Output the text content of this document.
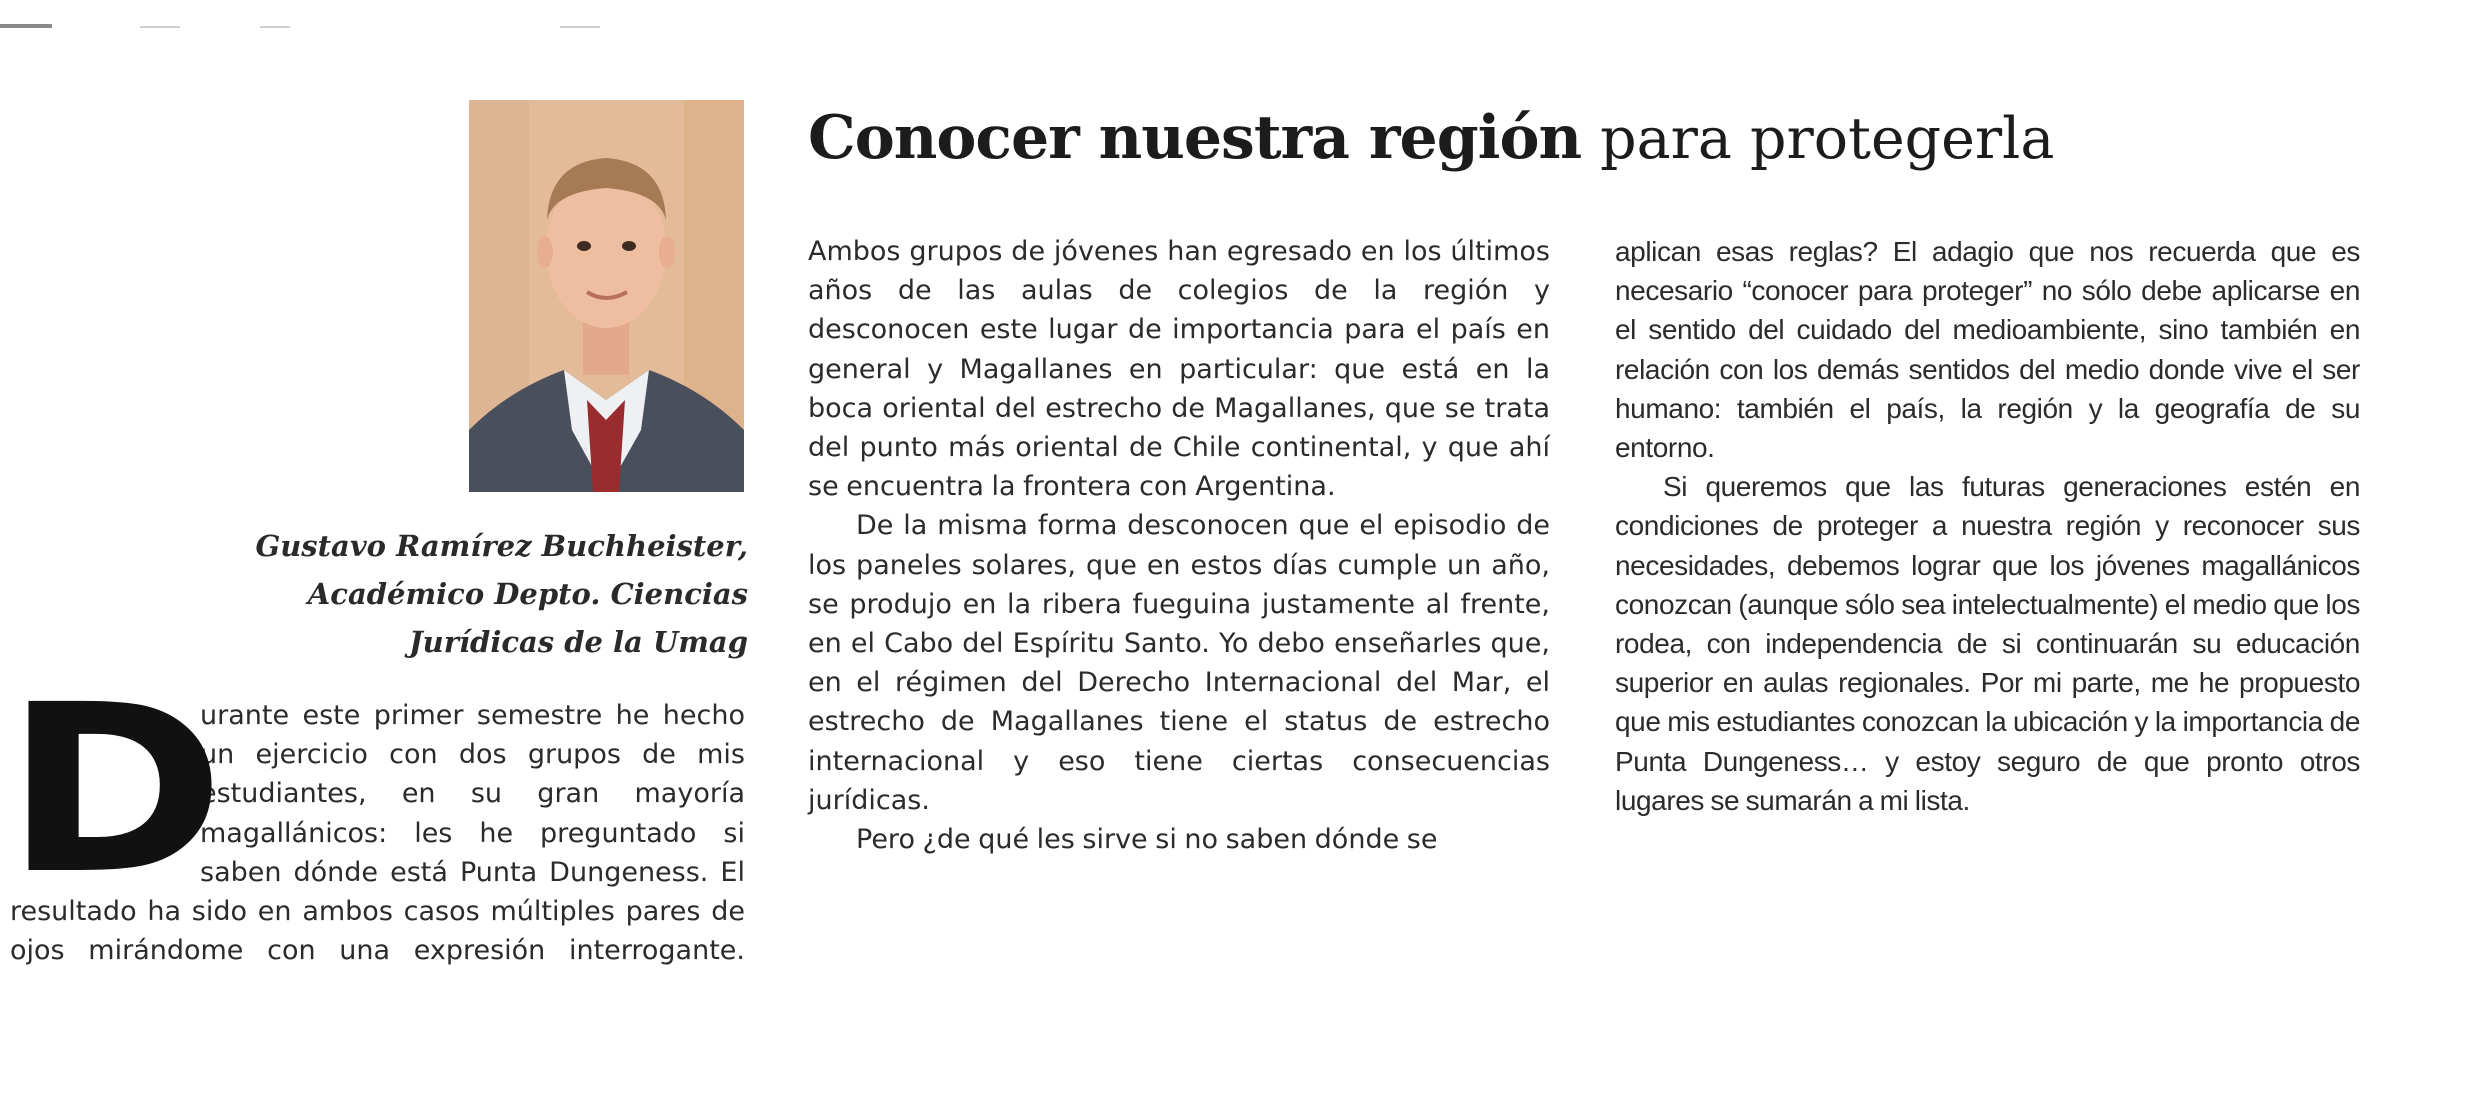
Gustavo Ramírez Buchheister,
Académico Depto. Ciencias
Jurídicas de la Umag
Conocer nuestra región para protegerla

D
urante este primer semestre he hecho un ejercicio con dos grupos de mis estudiantes, en su gran mayoría magallánicos: les he preguntado si saben dónde está Punta Dungeness. El resultado ha sido en ambos casos múltiples pares de ojos mirándome con una expresión interrogante.

Ambos grupos de jóvenes han egresado en los últimos años de las aulas de colegios de la región y desconocen este lugar de importancia para el país en general y Magallanes en particular: que está en la boca oriental del estrecho de Magallanes, que se trata del punto más oriental de Chile continental, y que ahí se encuentra la frontera con Argentina.

De la misma forma desconocen que el episodio de los paneles solares, que en estos días cumple un año, se produjo en la ribera fueguina justamente al frente, en el Cabo del Espíritu Santo. Yo debo enseñarles que, en el régimen del Derecho Internacional del Mar, el estrecho de Magallanes tiene el status de estrecho internacional y eso tiene ciertas consecuencias jurídicas.

Pero ¿de qué les sirve si no saben dónde se

aplican esas reglas? El adagio que nos recuerda que es necesario “conocer para proteger” no sólo debe aplicarse en el sentido del cuidado del medioambiente, sino también en relación con los demás sentidos del medio donde vive el ser humano: también el país, la región y la geografía de su entorno.

Si queremos que las futuras generaciones estén en condiciones de proteger a nuestra región y reconocer sus necesidades, debemos lograr que los jóvenes magallánicos conozcan (aunque sólo sea intelectualmente) el medio que los rodea, con independencia de si continuarán su educación superior en aulas regionales. Por mi parte, me he propuesto que mis estudiantes conozcan la ubicación y la importancia de Punta Dungeness… y estoy seguro de que pronto otros lugares se sumarán a mi lista.
